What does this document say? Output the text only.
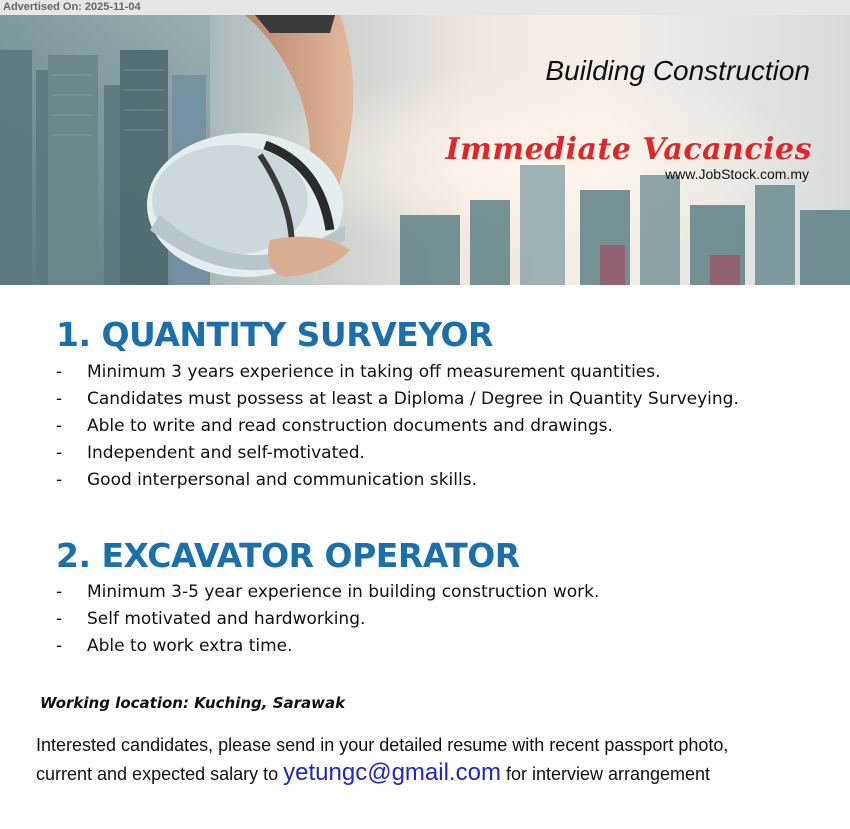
Advertised On: 2025-11-04
Building Construction
Immediate Vacancies
www.JobStock.com.my
1. QUANTITY SURVEYOR
- Minimum 3 years experience in taking off measurement quantities.
- Candidates must possess at least a Diploma / Degree in Quantity Surveying.
- Able to write and read construction documents and drawings.
- Independent and self-motivated.
- Good interpersonal and communication skills.
2. EXCAVATOR OPERATOR
- Minimum 3-5 year experience in building construction work.
- Self motivated and hardworking.
- Able to work extra time.
Working location: Kuching, Sarawak
Interested candidates, please send in your detailed resume with recent passport photo,
current and expected salary to yetungc@gmail.com for interview arrangement
